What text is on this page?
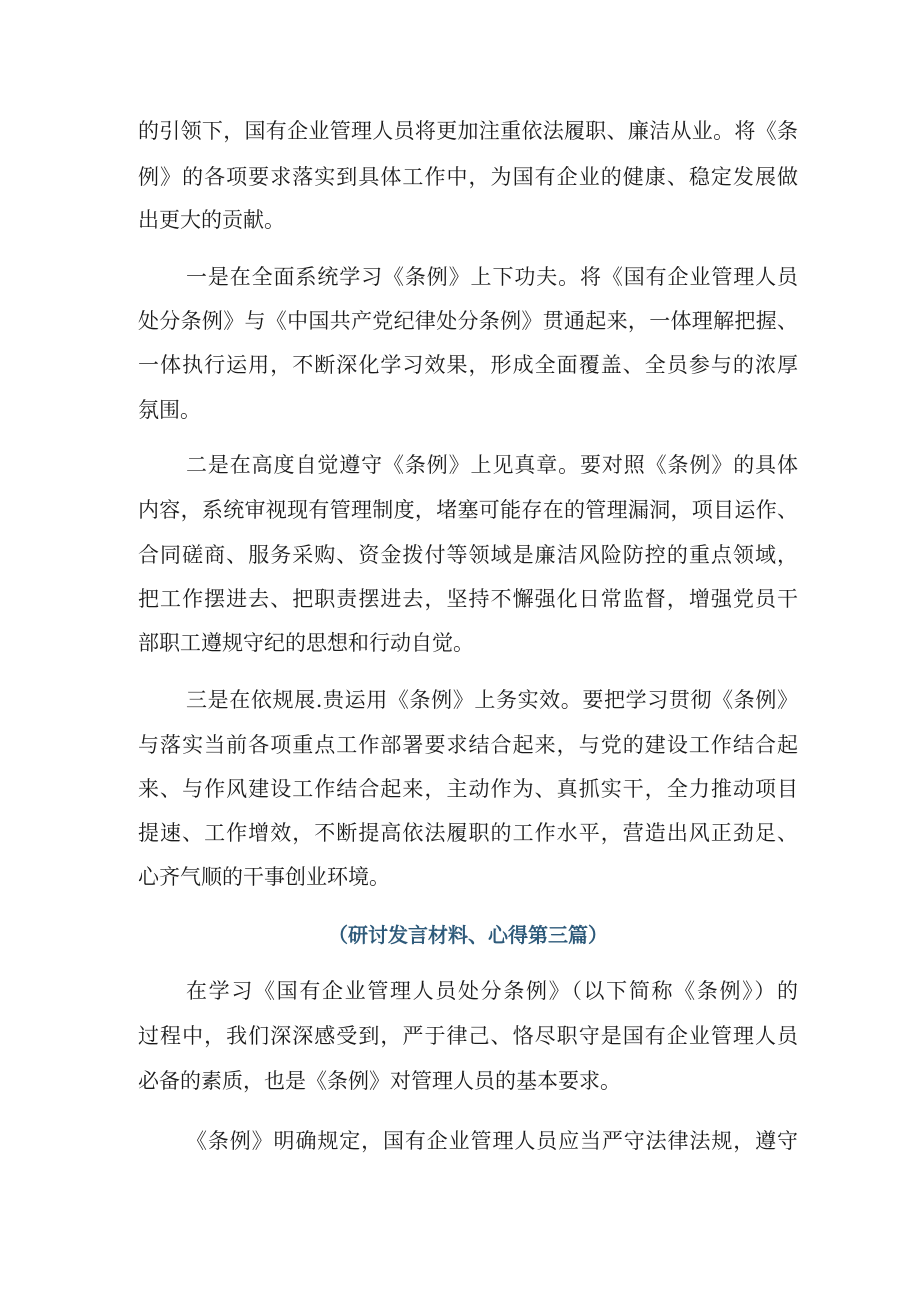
的引领下，国有企业管理人员将更加注重依法履职、廉洁从业。将《条
例》的各项要求落实到具体工作中，为国有企业的健康、稳定发展做
出更大的贡献。
一是在全面系统学习《条例》上下功夫。将《国有企业管理人员
处分条例》与《中国共产党纪律处分条例》贯通起来，一体理解把握、
一体执行运用，不断深化学习效果，形成全面覆盖、全员参与的浓厚
氛围。
二是在高度自觉遵守《条例》上见真章。要对照《条例》的具体
内容，系统审视现有管理制度，堵塞可能存在的管理漏洞，项目运作、
合同磋商、服务采购、资金拨付等领域是廉洁风险防控的重点领域，
把工作摆进去、把职责摆进去，坚持不懈强化日常监督，增强党员干
部职工遵规守纪的思想和行动自觉。
三是在依规展.贵运用《条例》上务实效。要把学习贯彻《条例》
与落实当前各项重点工作部署要求结合起来，与党的建设工作结合起
来、与作风建设工作结合起来，主动作为、真抓实干，全力推动项目
提速、工作增效，不断提高依法履职的工作水平，营造出风正劲足、
心齐气顺的干事创业环境。
（研讨发言材料、心得第三篇）
在学习《国有企业管理人员处分条例》（以下简称《条例》）的
过程中，我们深深感受到，严于律己、恪尽职守是国有企业管理人员
必备的素质，也是《条例》对管理人员的基本要求。
《条例》明确规定，国有企业管理人员应当严守法律法规，遵守
